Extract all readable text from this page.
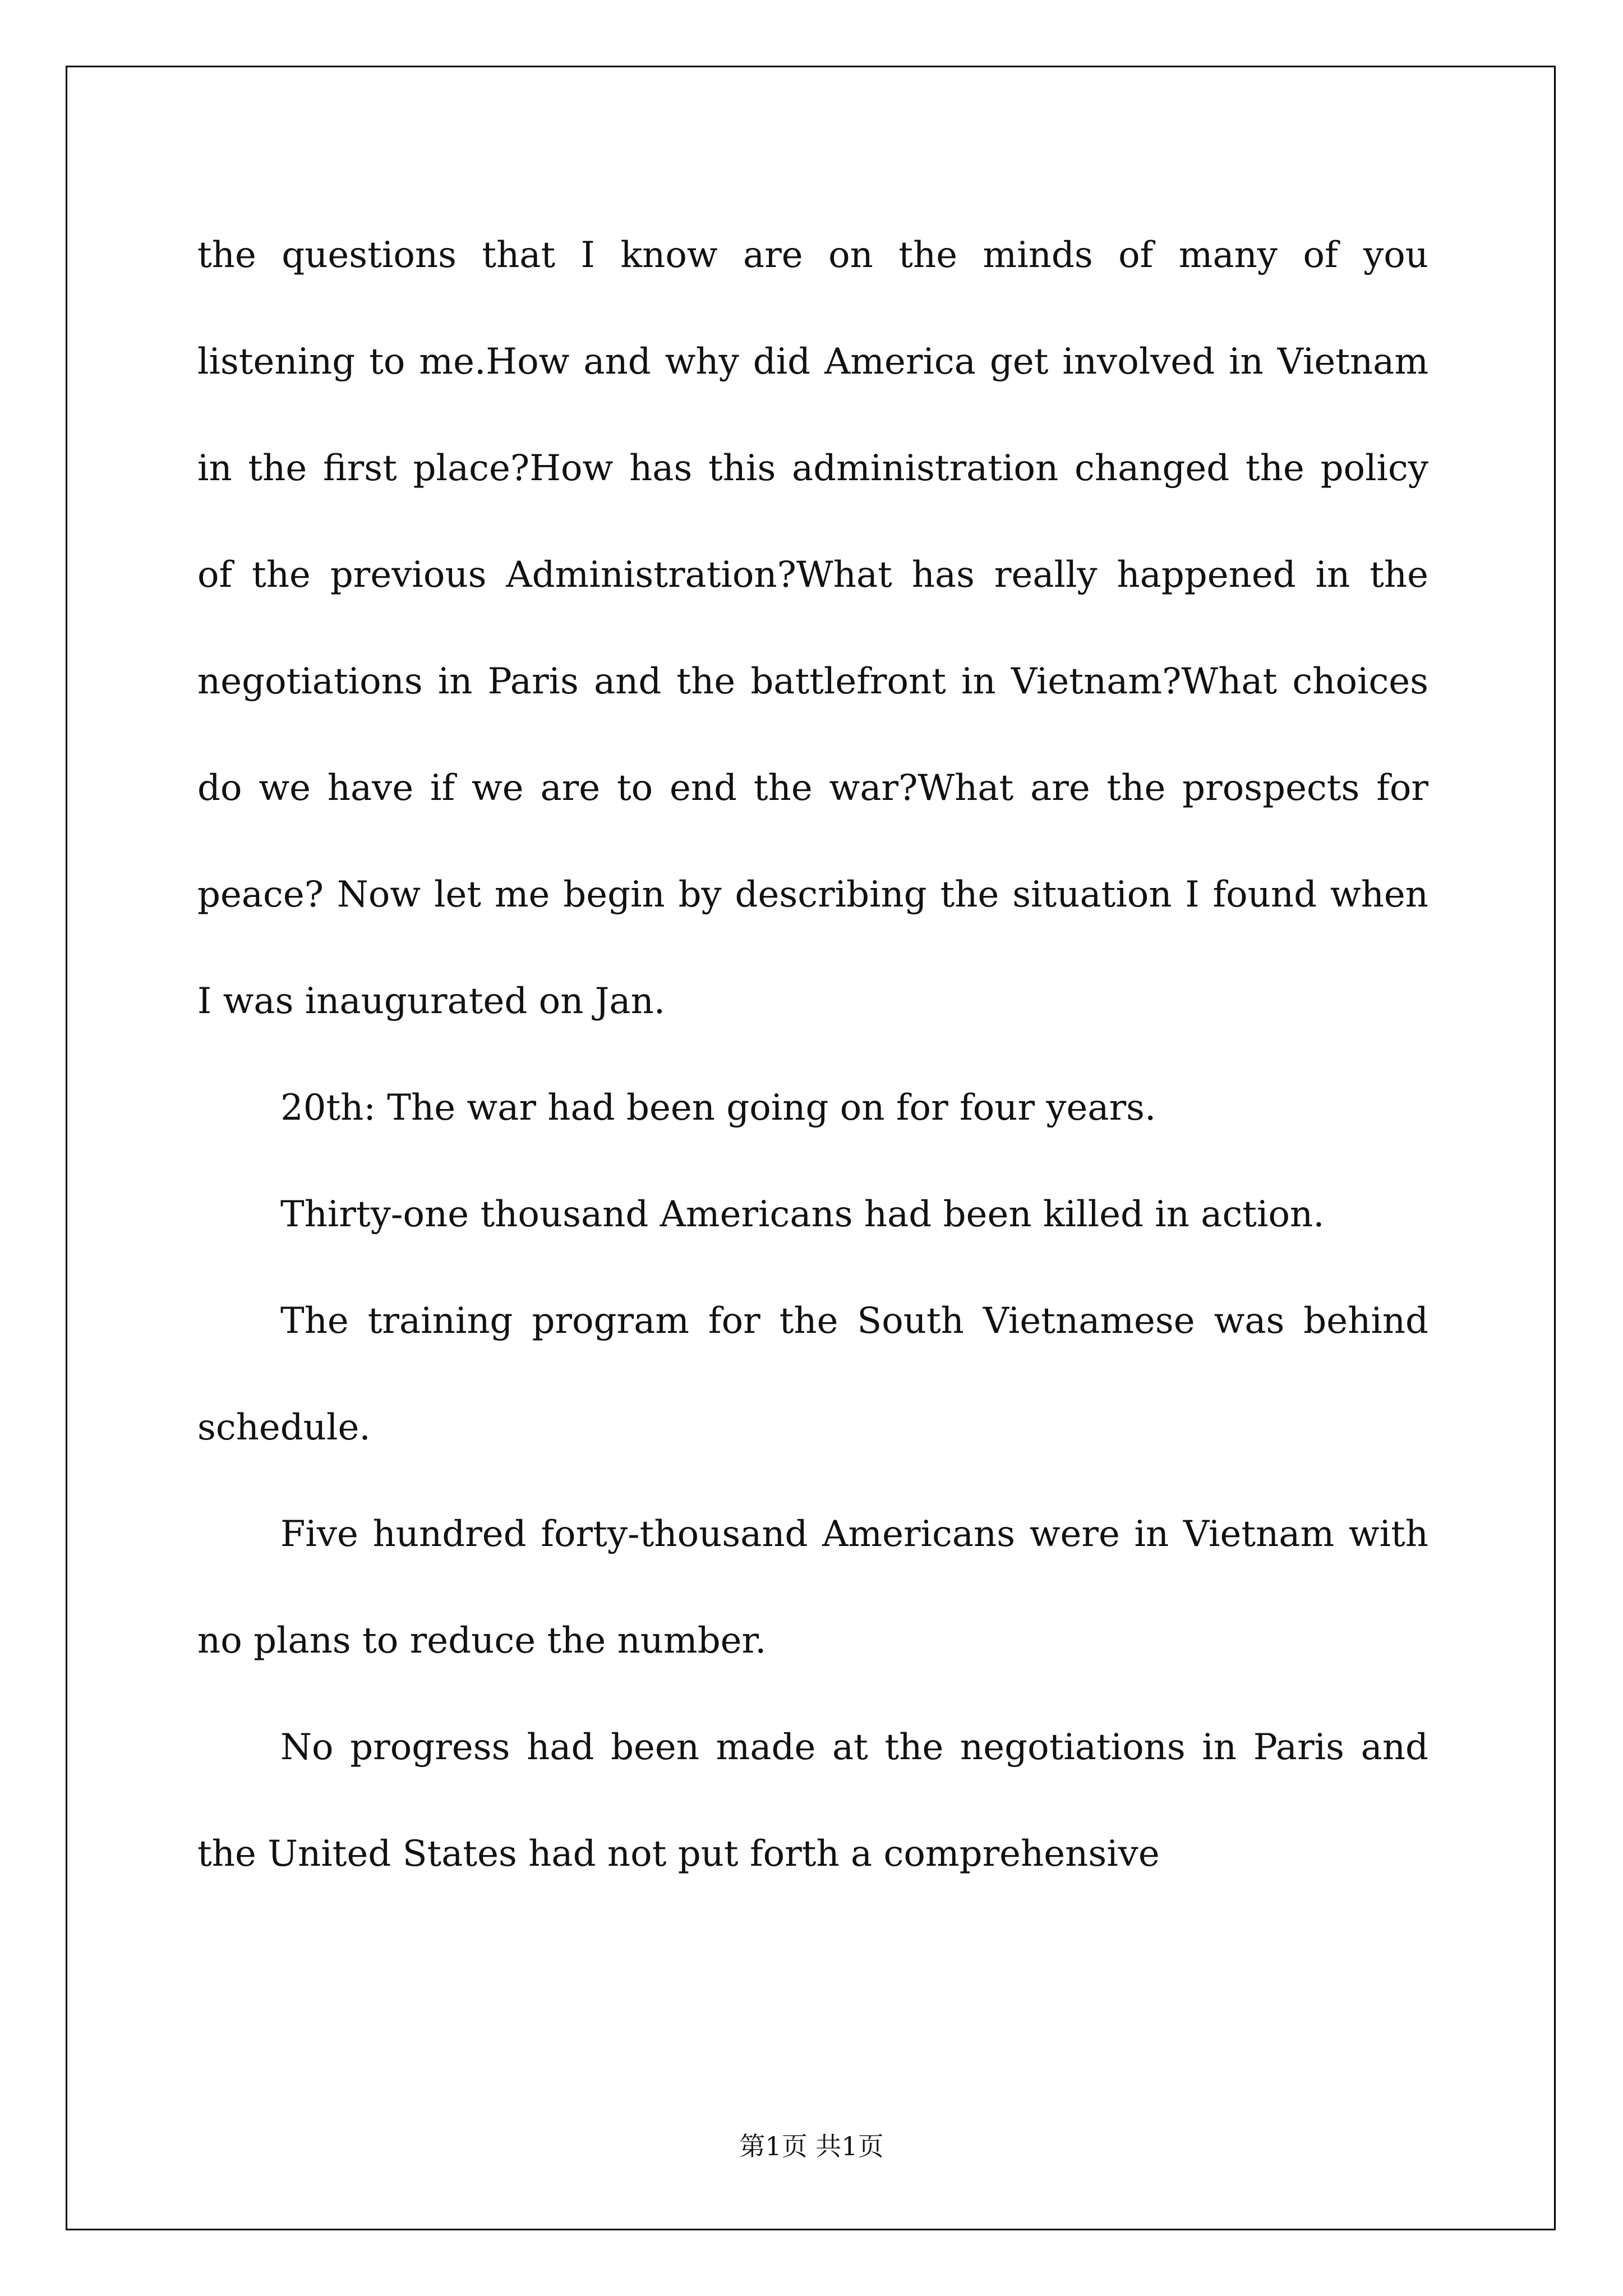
the questions that I know are on the minds of many of you listening to me.How and why did America get involved in Vietnam in the first place?How has this administration changed the policy of the previous Administration?What has really happened in the negotiations in Paris and the battlefront in Vietnam?What choices do we have if we are to end the war?What are the prospects for peace? Now let me begin by describing the situation I found when I was inaugurated on Jan.

20th: The war had been going on for four years.

Thirty-one thousand Americans had been killed in action.

The training program for the South Vietnamese was behind schedule.

Five hundred forty-thousand Americans were in Vietnam with no plans to reduce the number.

No progress had been made at the negotiations in Paris and the United States had not put forth a comprehensive

第1页 共1页
